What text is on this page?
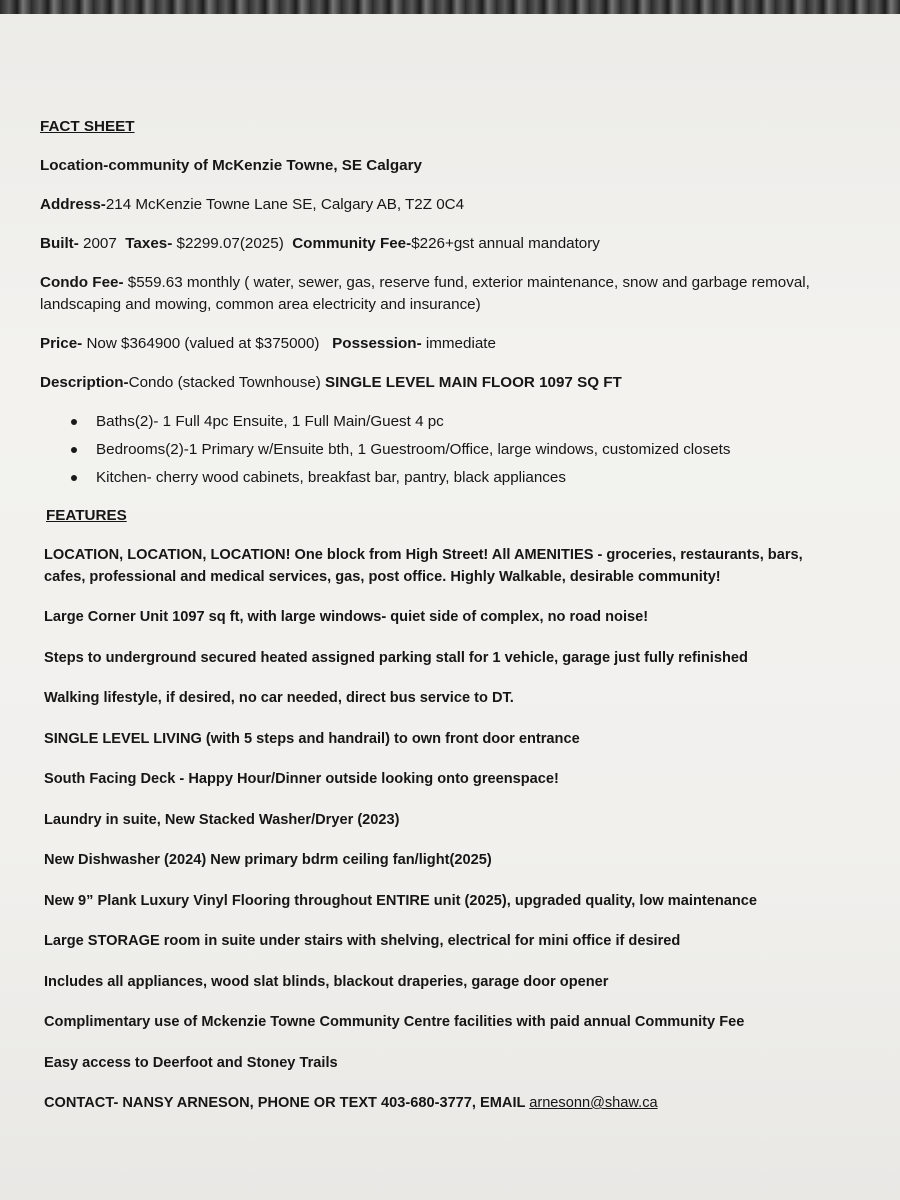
FACT SHEET

Location-community of McKenzie Towne, SE Calgary

Address-214 McKenzie Towne Lane SE, Calgary AB, T2Z 0C4

Built- 2007 Taxes- $2299.07(2025) Community Fee-$226+gst annual mandatory

Condo Fee- $559.63 monthly ( water, sewer, gas, reserve fund, exterior maintenance, snow and garbage removal, landscaping and mowing, common area electricity and insurance)

Price- Now $364900 (valued at $375000) Possession- immediate

Description-Condo (stacked Townhouse) SINGLE LEVEL MAIN FLOOR 1097 SQ FT

Baths(2)- 1 Full 4pc Ensuite, 1 Full Main/Guest 4 pc
Bedrooms(2)-1 Primary w/Ensuite bth, 1 Guestroom/Office, large windows, customized closets
Kitchen- cherry wood cabinets, breakfast bar, pantry, black appliances

FEATURES

LOCATION, LOCATION, LOCATION! One block from High Street! All AMENITIES - groceries, restaurants, bars,
cafes, professional and medical services, gas, post office. Highly Walkable, desirable community!

Large Corner Unit 1097 sq ft, with large windows- quiet side of complex, no road noise!

Steps to underground secured heated assigned parking stall for 1 vehicle, garage just fully refinished

Walking lifestyle, if desired, no car needed, direct bus service to DT.

SINGLE LEVEL LIVING (with 5 steps and handrail) to own front door entrance

South Facing Deck - Happy Hour/Dinner outside looking onto greenspace!

Laundry in suite, New Stacked Washer/Dryer (2023)

New Dishwasher (2024) New primary bdrm ceiling fan/light(2025)

New 9” Plank Luxury Vinyl Flooring throughout ENTIRE unit (2025), upgraded quality, low maintenance

Large STORAGE room in suite under stairs with shelving, electrical for mini office if desired

Includes all appliances, wood slat blinds, blackout draperies, garage door opener

Complimentary use of Mckenzie Towne Community Centre facilities with paid annual Community Fee

Easy access to Deerfoot and Stoney Trails

CONTACT- NANSY ARNESON, PHONE OR TEXT 403-680-3777, EMAIL arnesonn@shaw.ca
